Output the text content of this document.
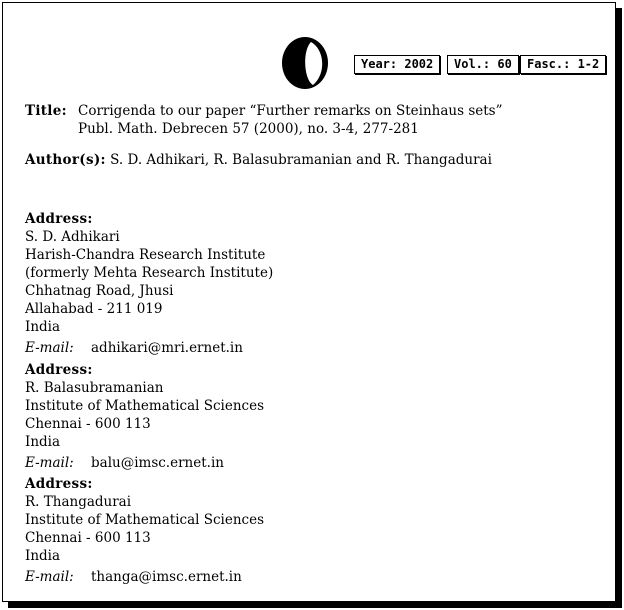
Year: 2002	Vol.: 60	Fasc.: 1-2
Title: Corrigenda to our paper “Further remarks on Steinhaus sets”
Publ. Math. Debrecen 57 (2000), no. 3-4, 277-281
Author(s): S. D. Adhikari, R. Balasubramanian and R. Thangadurai
Address:
S. D. Adhikari
Harish-Chandra Research Institute
(formerly Mehta Research Institute)
Chhatnag Road, Jhusi
Allahabad - 211 019
India
E-mail: adhikari@mri.ernet.in
Address:
R. Balasubramanian
Institute of Mathematical Sciences
Chennai - 600 113
India
E-mail: balu@imsc.ernet.in
Address:
R. Thangadurai
Institute of Mathematical Sciences
Chennai - 600 113
India
E-mail: thanga@imsc.ernet.in
